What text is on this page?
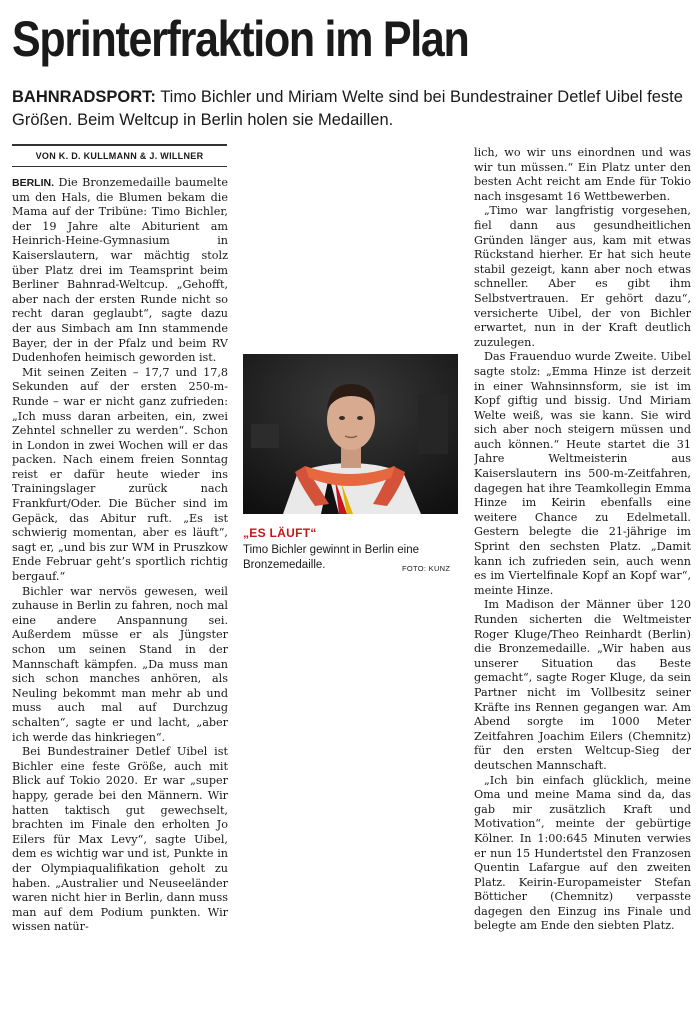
Sprinterfraktion im Plan

BAHNRADSPORT: Timo Bichler und Miriam Welte sind bei Bundestrainer Detlef Uibel feste Größen. Beim Weltcup in Berlin holen sie Medaillen.

VON K. D. KULLMANN & J. WILLNER

BERLIN. Die Bronzemedaille baumelte um den Hals, die Blumen bekam die Mama auf der Tribüne: Timo Bichler, der 19 Jahre alte Abiturient am Heinrich-Heine-Gymnasium in Kaiserslautern, war mächtig stolz über Platz drei im Teamsprint beim Berliner Bahnrad-Weltcup. „Gehofft, aber nach der ersten Runde nicht so recht daran geglaubt“, sagte dazu der aus Simbach am Inn stammende Bayer, der in der Pfalz und beim RV Dudenhofen heimisch geworden ist.

Mit seinen Zeiten – 17,7 und 17,8 Sekunden auf der ersten 250-m-Runde – war er nicht ganz zufrieden: „Ich muss daran arbeiten, ein, zwei Zehntel schneller zu werden“. Schon in London in zwei Wochen will er das packen. Nach einem freien Sonntag reist er dafür heute wieder ins Trainingslager zurück nach Frankfurt/Oder. Die Bücher sind im Gepäck, das Abitur ruft. „Es ist schwierig momentan, aber es läuft“, sagt er, „und bis zur WM in Pruszkow Ende Februar geht’s sportlich richtig bergauf.“

Bichler war nervös gewesen, weil zuhause in Berlin zu fahren, noch mal eine andere Anspannung sei. Außerdem müsse er als Jüngster schon um seinen Stand in der Mannschaft kämpfen. „Da muss man sich schon manches anhören, als Neuling bekommt man mehr ab und muss auch mal auf Durchzug schalten“, sagte er und lacht, „aber ich werde das hinkriegen“.

Bei Bundestrainer Detlef Uibel ist Bichler eine feste Größe, auch mit Blick auf Tokio 2020. Er war „super happy, gerade bei den Männern. Wir hatten taktisch gut gewechselt, brachten im Finale den erholten Jo Eilers für Max Levy“, sagte Uibel, dem es wichtig war und ist, Punkte in der Olympiaqualifikation geholt zu haben. „Australier und Neuseeländer waren nicht hier in Berlin, dann muss man auf dem Podium punkten. Wir wissen natür-

„ES LÄUFT“

Timo Bichler gewinnt in Berlin eine Bronzemedaille.	FOTO: KUNZ

lich, wo wir uns einordnen und was wir tun müssen.“ Ein Platz unter den besten Acht reicht am Ende für Tokio nach insgesamt 16 Wettbewerben.

„Timo war langfristig vorgesehen, fiel dann aus gesundheitlichen Gründen länger aus, kam mit etwas Rückstand hierher. Er hat sich heute stabil gezeigt, kann aber noch etwas schneller. Aber es gibt ihm Selbstvertrauen. Er gehört dazu“, versicherte Uibel, der von Bichler erwartet, nun in der Kraft deutlich zuzulegen.

Das Frauenduo wurde Zweite. Uibel sagte stolz: „Emma Hinze ist derzeit in einer Wahnsinnsform, sie ist im Kopf giftig und bissig. Und Miriam Welte weiß, was sie kann. Sie wird sich aber noch steigern müssen und auch können.“ Heute startet die 31 Jahre Weltmeisterin aus Kaiserslautern ins 500-m-Zeitfahren, dagegen hat ihre Teamkollegin Emma Hinze im Keirin ebenfalls eine weitere Chance zu Edelmetall. Gestern belegte die 21-jährige im Sprint den sechsten Platz. „Damit kann ich zufrieden sein, auch wenn es im Viertelfinale Kopf an Kopf war“, meinte Hinze.

Im Madison der Männer über 120 Runden sicherten die Weltmeister Roger Kluge/Theo Reinhardt (Berlin) die Bronzemedaille. „Wir haben aus unserer Situation das Beste gemacht“, sagte Roger Kluge, da sein Partner nicht im Vollbesitz seiner Kräfte ins Rennen gegangen war. Am Abend sorgte im 1000 Meter Zeitfahren Joachim Eilers (Chemnitz) für den ersten Weltcup-Sieg der deutschen Mannschaft.

„Ich bin einfach glücklich, meine Oma und meine Mama sind da, das gab mir zusätzlich Kraft und Motivation“, meinte der gebürtige Kölner. In 1:00:645 Minuten verwies er nun 15 Hundertstel den Franzosen Quentin Lafargue auf den zweiten Platz. Keirin-Europameister Stefan Bötticher (Chemnitz) verpasste dagegen den Einzug ins Finale und belegte am Ende den siebten Platz.
